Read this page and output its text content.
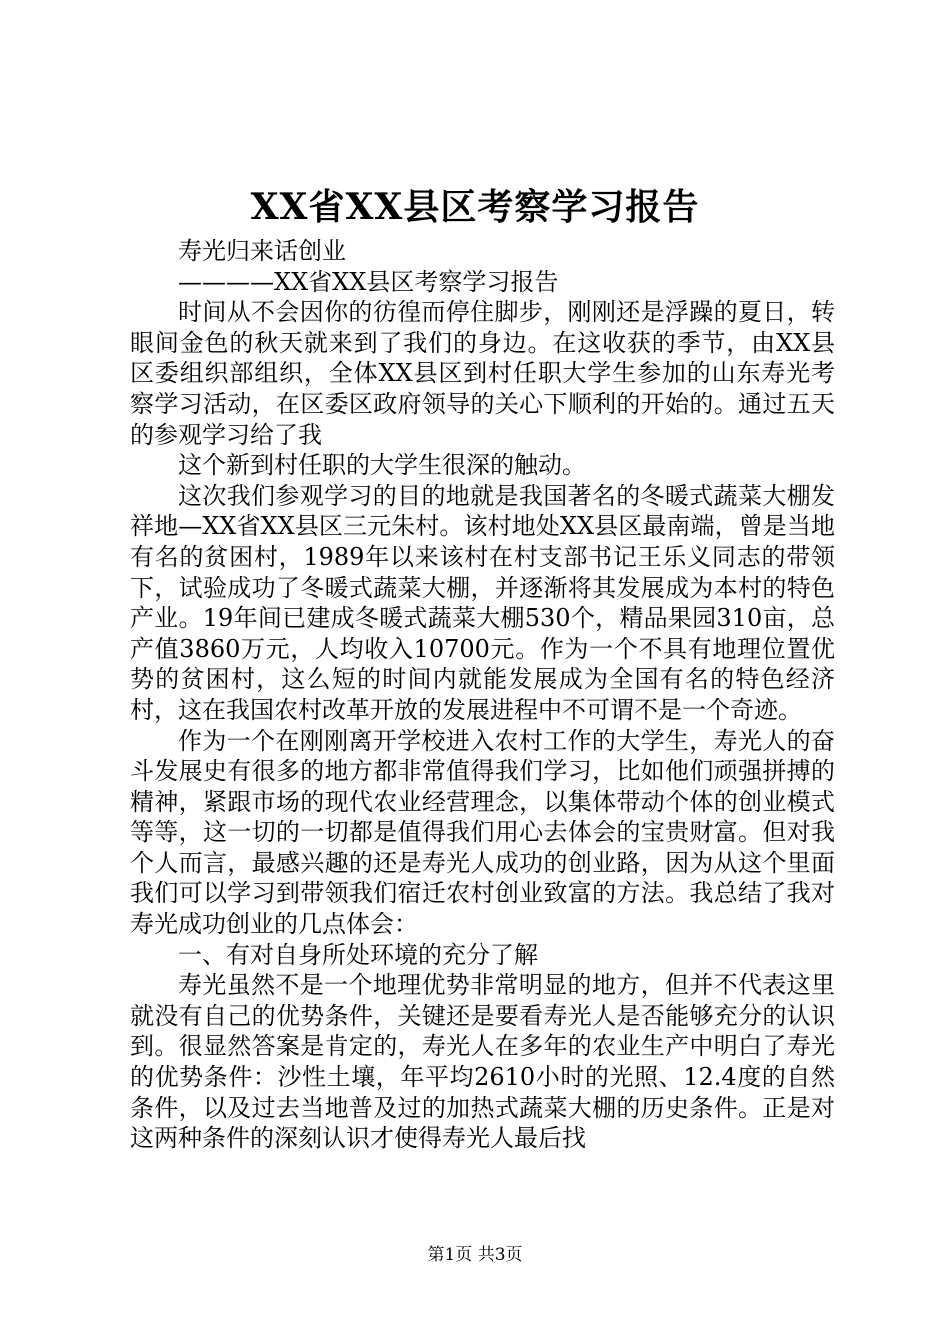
XX省XX县区考察学习报告

寿光归来话创业

————XX省XX县区考察学习报告

时间从不会因你的彷徨而停住脚步，刚刚还是浮躁的夏日，转眼间金色的秋天就来到了我们的身边。在这收获的季节，由XX县区委组织部组织，全体XX县区到村任职大学生参加的山东寿光考察学习活动，在区委区政府领导的关心下顺利的开始的。通过五天的参观学习给了我

这个新到村任职的大学生很深的触动。

这次我们参观学习的目的地就是我国著名的冬暖式蔬菜大棚发祥地—XX省XX县区三元朱村。该村地处XX县区最南端，曾是当地有名的贫困村，1989年以来该村在村支部书记王乐义同志的带领下，试验成功了冬暖式蔬菜大棚，并逐渐将其发展成为本村的特色产业。19年间已建成冬暖式蔬菜大棚530个，精品果园310亩，总产值3860万元，人均收入10700元。作为一个不具有地理位置优势的贫困村，这么短的时间内就能发展成为全国有名的特色经济村，这在我国农村改革开放的发展进程中不可谓不是一个奇迹。

作为一个在刚刚离开学校进入农村工作的大学生，寿光人的奋斗发展史有很多的地方都非常值得我们学习，比如他们顽强拼搏的精神，紧跟市场的现代农业经营理念，以集体带动个体的创业模式等等，这一切的一切都是值得我们用心去体会的宝贵财富。但对我个人而言，最感兴趣的还是寿光人成功的创业路，因为从这个里面我们可以学习到带领我们宿迁农村创业致富的方法。我总结了我对寿光成功创业的几点体会：

一、有对自身所处环境的充分了解

寿光虽然不是一个地理优势非常明显的地方，但并不代表这里就没有自己的优势条件，关键还是要看寿光人是否能够充分的认识到。很显然答案是肯定的，寿光人在多年的农业生产中明白了寿光的优势条件：沙性土壤，年平均2610小时的光照、12.4度的自然条件，以及过去当地普及过的加热式蔬菜大棚的历史条件。正是对这两种条件的深刻认识才使得寿光人最后找

第1页 共3页
